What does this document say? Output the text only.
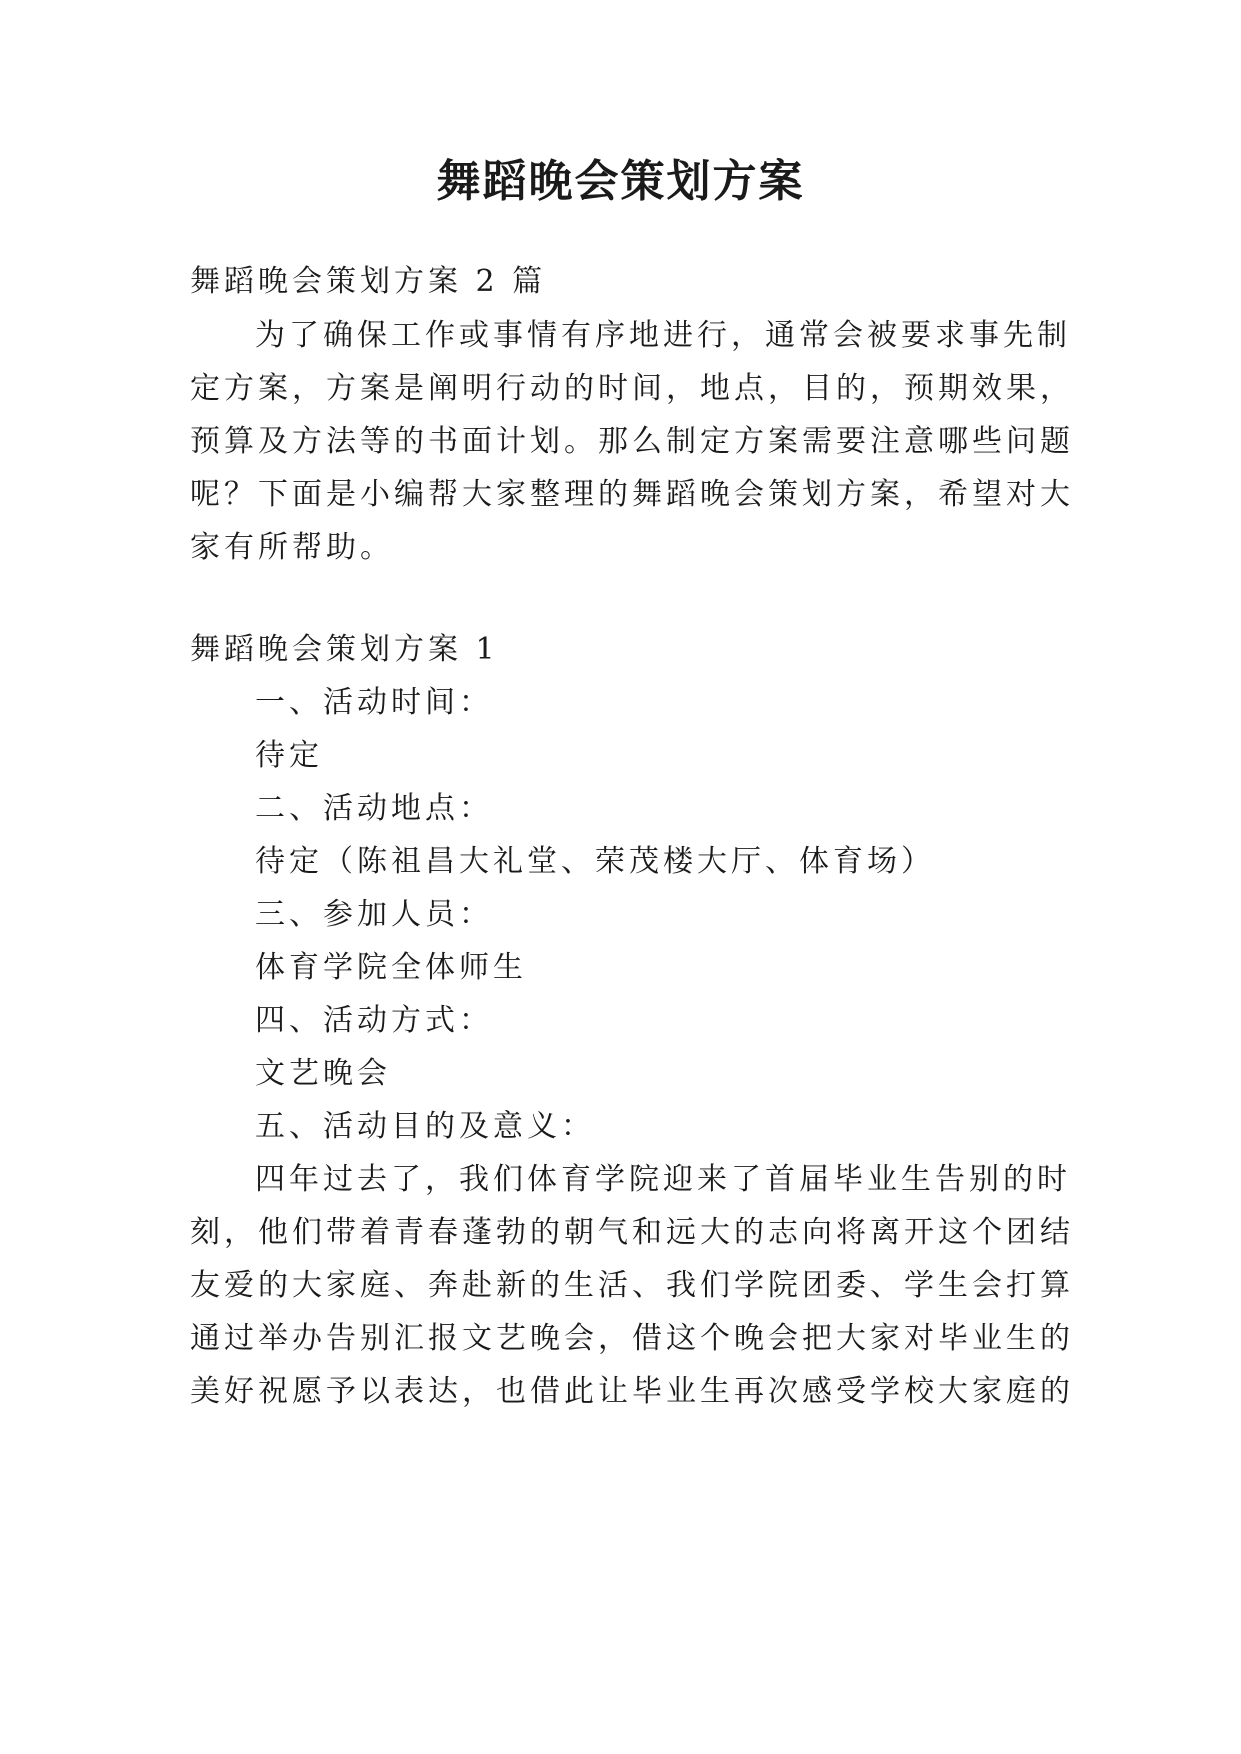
舞蹈晚会策划方案

舞蹈晚会策划方案 2 篇

为了确保工作或事情有序地进行，通常会被要求事先制

定方案，方案是阐明行动的时间，地点，目的，预期效果，

预算及方法等的书面计划。那么制定方案需要注意哪些问题

呢？下面是小编帮大家整理的舞蹈晚会策划方案，希望对大

家有所帮助。

舞蹈晚会策划方案 1

一、活动时间：

待定

二、活动地点：

待定（陈祖昌大礼堂、荣茂楼大厅、体育场）

三、参加人员：

体育学院全体师生

四、活动方式：

文艺晚会

五、活动目的及意义：

四年过去了，我们体育学院迎来了首届毕业生告别的时

刻，他们带着青春蓬勃的朝气和远大的志向将离开这个团结

友爱的大家庭、奔赴新的生活、我们学院团委、学生会打算

通过举办告别汇报文艺晚会，借这个晚会把大家对毕业生的

美好祝愿予以表达，也借此让毕业生再次感受学校大家庭的
